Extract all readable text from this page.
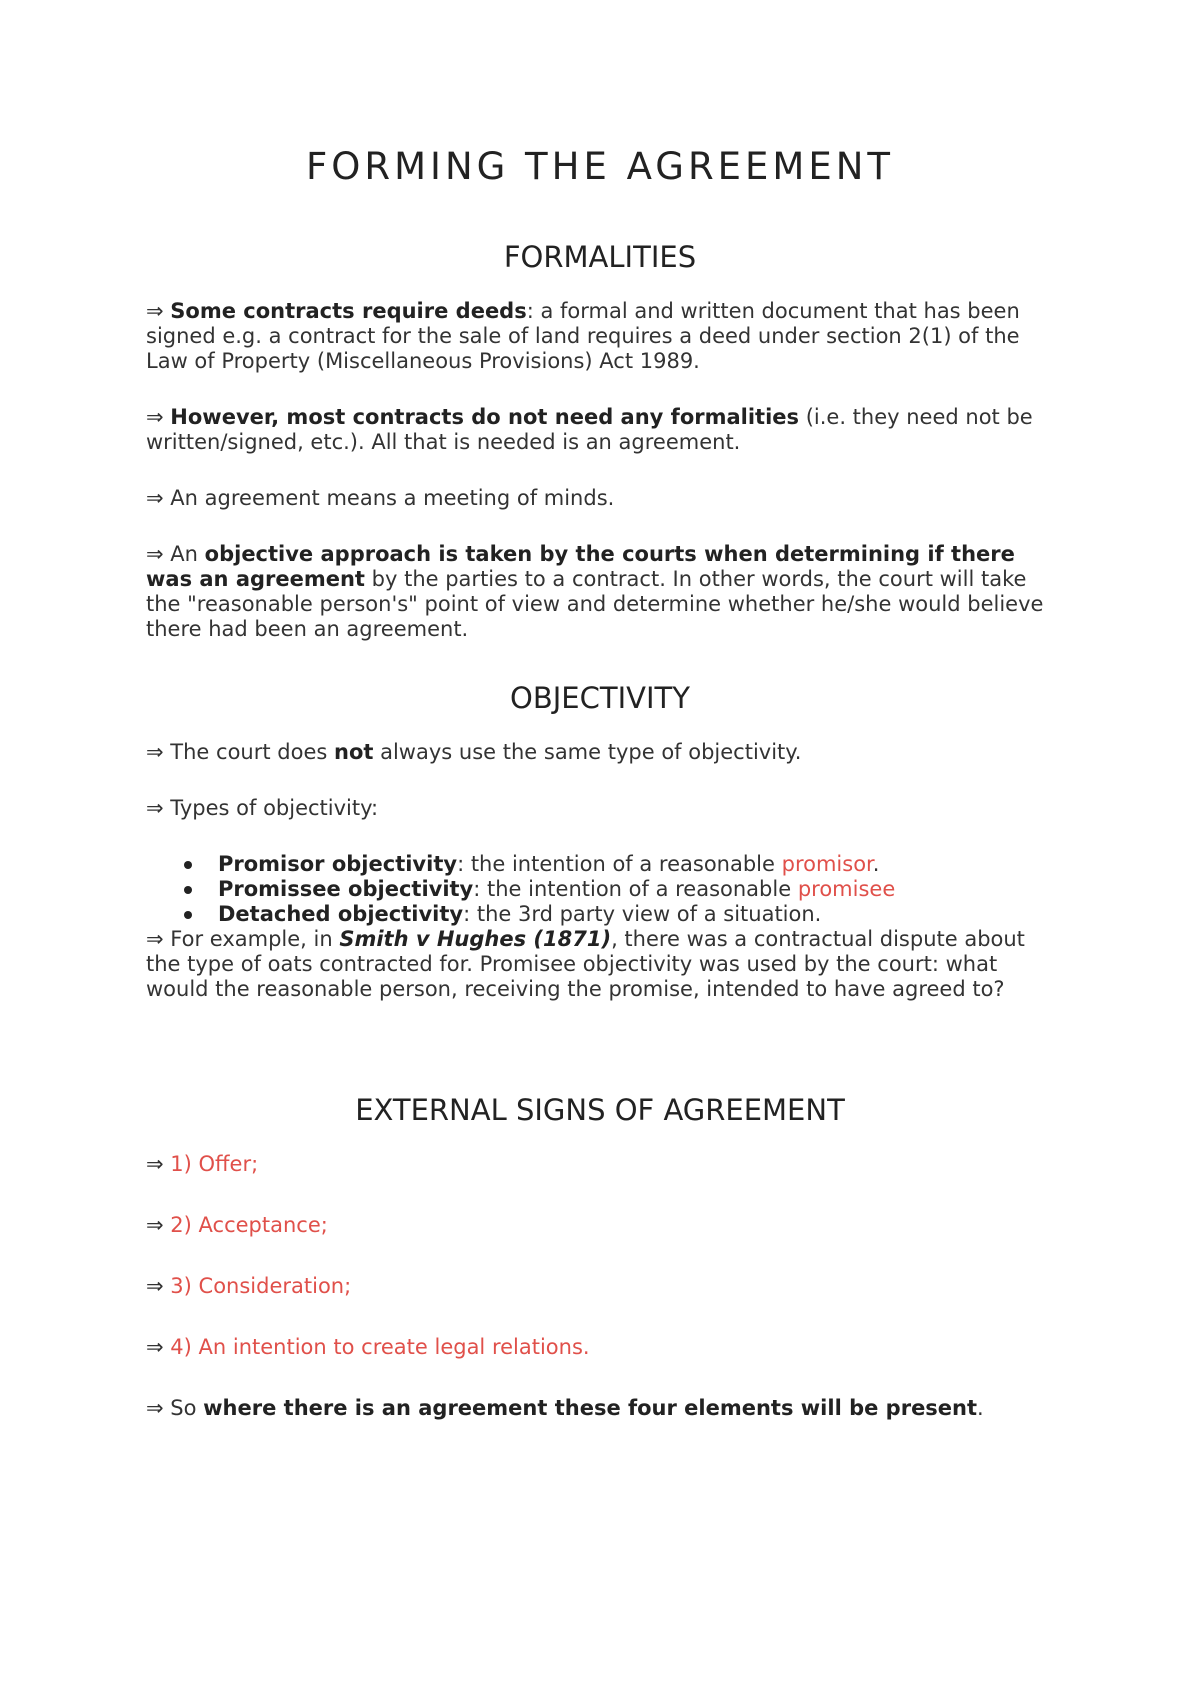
FORMING THE AGREEMENT
FORMALITIES

⇒ Some contracts require deeds: a formal and written document that has been signed e.g. a contract for the sale of land requires a deed under section 2(1) of the Law of Property (Miscellaneous Provisions) Act 1989.

⇒ However, most contracts do not need any formalities (i.e. they need not be written/signed, etc.). All that is needed is an agreement.

⇒ An agreement means a meeting of minds.

⇒ An objective approach is taken by the courts when determining if there was an agreement by the parties to a contract. In other words, the court will take the "reasonable person's" point of view and determine whether he/she would believe there had been an agreement.

OBJECTIVITY

⇒ The court does not always use the same type of objectivity.

⇒ Types of objectivity:

Promisor objectivity: the intention of a reasonable promisor.
Promissee objectivity: the intention of a reasonable promisee
Detached objectivity: the 3rd party view of a situation.

⇒ For example, in Smith v Hughes (1871), there was a contractual dispute about the type of oats contracted for. Promisee objectivity was used by the court: what would the reasonable person, receiving the promise, intended to have agreed to?

EXTERNAL SIGNS OF AGREEMENT

⇒ 1) Offer;

⇒ 2) Acceptance;

⇒ 3) Consideration;

⇒ 4) An intention to create legal relations.

⇒ So where there is an agreement these four elements will be present.
